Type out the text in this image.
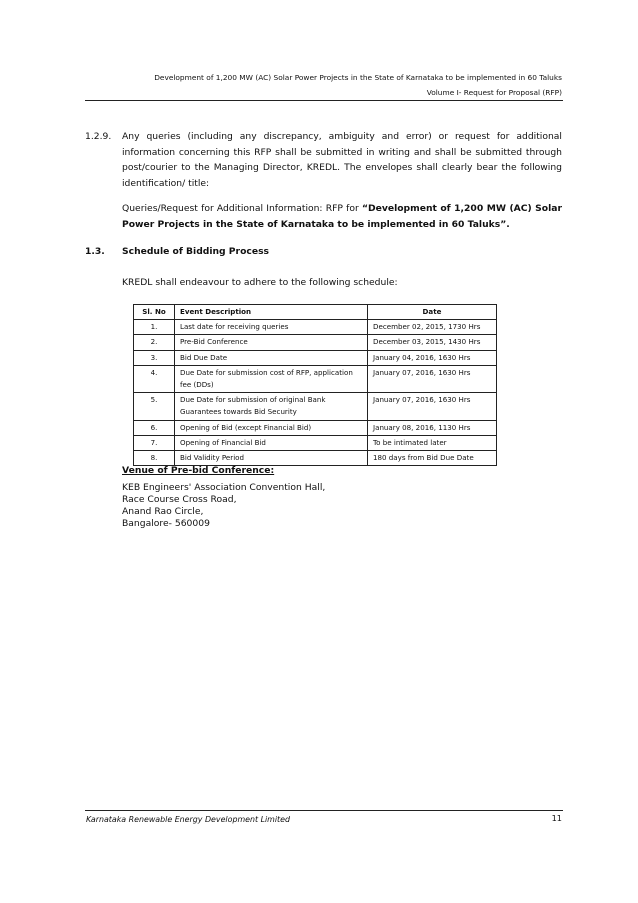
Development of 1,200 MW (AC) Solar Power Projects in the State of Karnataka to be implemented in 60 Taluks
Volume I- Request for Proposal (RFP)
1.2.9. Any queries (including any discrepancy, ambiguity and error) or request for additional information concerning this RFP shall be submitted in writing and shall be submitted through post/courier to the Managing Director, KREDL. The envelopes shall clearly bear the following identification/ title:
Queries/Request for Additional Information: RFP for “Development of 1,200 MW (AC) Solar Power Projects in the State of Karnataka to be implemented in 60 Taluks”.
1.3. Schedule of Bidding Process
KREDL shall endeavour to adhere to the following schedule:
Sl. No	Event Description	Date
1.	Last date for receiving queries	December 02, 2015, 1730 Hrs
2.	Pre-Bid Conference	December 03, 2015, 1430 Hrs
3.	Bid Due Date	January 04, 2016, 1630 Hrs
4.	Due Date for submission cost of RFP, application fee (DDs)	January 07, 2016, 1630 Hrs
5.	Due Date for submission of original Bank Guarantees towards Bid Security	January 07, 2016, 1630 Hrs
6.	Opening of Bid (except Financial Bid)	January 08, 2016, 1130 Hrs
7.	Opening of Financial Bid	To be intimated later
8.	Bid Validity Period	180 days from Bid Due Date
Venue of Pre-bid Conference:
KEB Engineers' Association Convention Hall,
Race Course Cross Road,
Anand Rao Circle,
Bangalore- 560009
Karnataka Renewable Energy Development Limited	11
